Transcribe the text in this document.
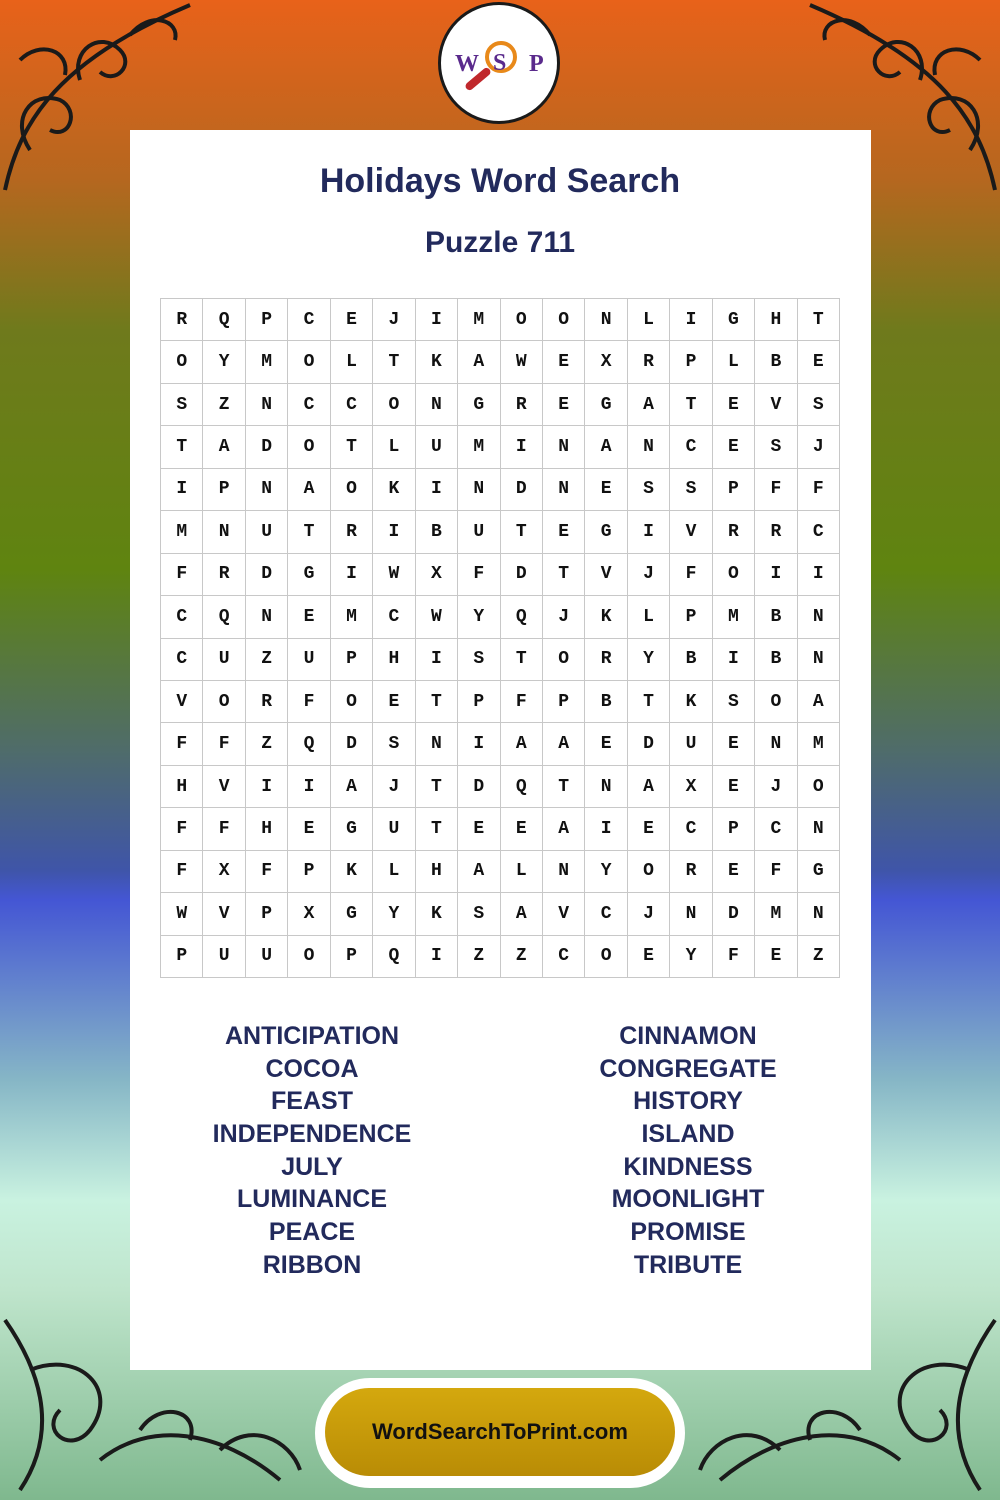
W S P
Holidays Word Search
Puzzle 711
R	Q	P	C	E	J	I	M	O	O	N	L	I	G	H	T
O	Y	M	O	L	T	K	A	W	E	X	R	P	L	B	E
S	Z	N	C	C	O	N	G	R	E	G	A	T	E	V	S
T	A	D	O	T	L	U	M	I	N	A	N	C	E	S	J
I	P	N	A	O	K	I	N	D	N	E	S	S	P	F	F
M	N	U	T	R	I	B	U	T	E	G	I	V	R	R	C
F	R	D	G	I	W	X	F	D	T	V	J	F	O	I	I
C	Q	N	E	M	C	W	Y	Q	J	K	L	P	M	B	N
C	U	Z	U	P	H	I	S	T	O	R	Y	B	I	B	N
V	O	R	F	O	E	T	P	F	P	B	T	K	S	O	A
F	F	Z	Q	D	S	N	I	A	A	E	D	U	E	N	M
H	V	I	I	A	J	T	D	Q	T	N	A	X	E	J	O
F	F	H	E	G	U	T	E	E	A	I	E	C	P	C	N
F	X	F	P	K	L	H	A	L	N	Y	O	R	E	F	G
W	V	P	X	G	Y	K	S	A	V	C	J	N	D	M	N
P	U	U	O	P	Q	I	Z	Z	C	O	E	Y	F	E	Z
ANTICIPATION
COCOA
FEAST
INDEPENDENCE
JULY
LUMINANCE
PEACE
RIBBON
CINNAMON
CONGREGATE
HISTORY
ISLAND
KINDNESS
MOONLIGHT
PROMISE
TRIBUTE
WordSearchToPrint.com
